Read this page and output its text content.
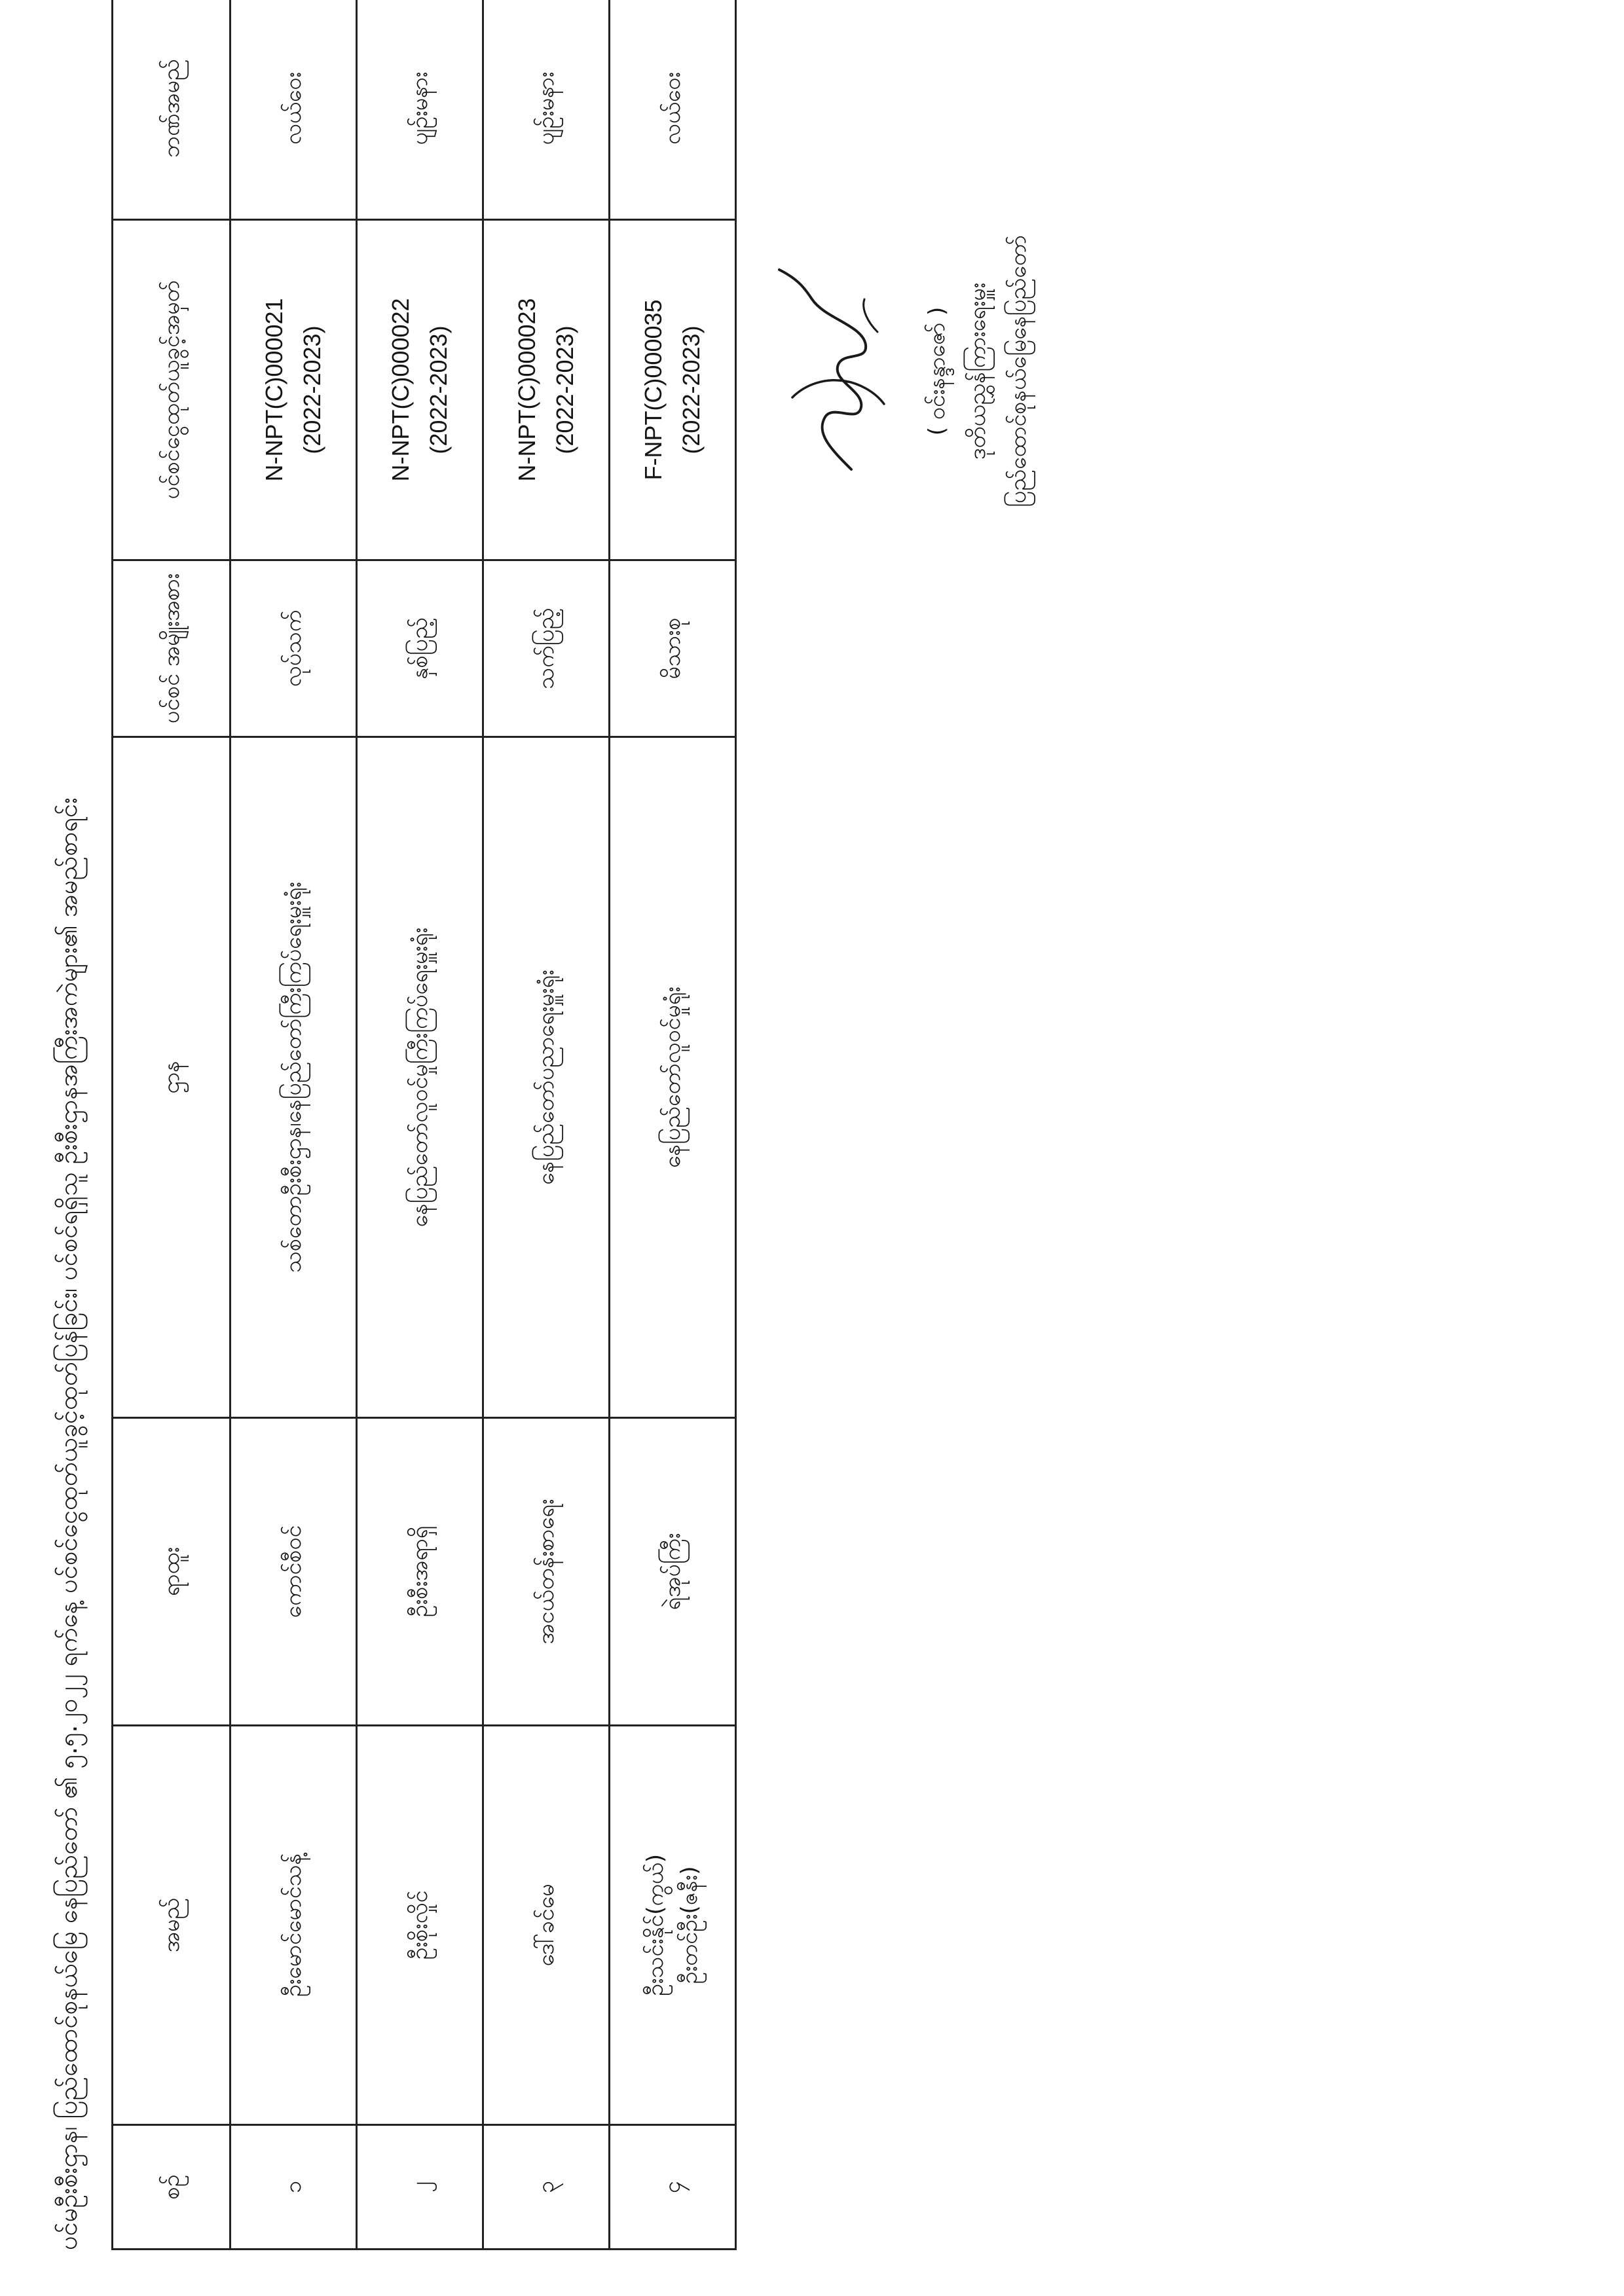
ပင်မဦးစီးဌာန၊ ပြည်ထောင်စုနယ်မြေ နေပြည်တော် ၏ ၅.၅.၂၀၂၂ ရက်နေ့ ပင်စင်ငွေထုတ်ယူခွင့်ထုတ်ပြန်ခြင်း၊ ပင်စင်ရရှိသူ ဦးစီးဌာနအကြီးအကဲများ၏ အမည်စာရင်း	စဉ်	အမည်	ရာထူး	ဌာန	ပင်စင် အမျိုးအစား	ပင်စင်ငွေထုတ်ယူခွင့်အမှတ်	ဘဏ်အမည်
၁	ဦးမောင်မောင်သန့်	ကောင်စီဝင်	သစ်တောဦးစီးဌာန၊နေပြည်တော်ကြီးကြပ်ရေးမှူးရုံး	လုပ်သက်	N-NPT(C)000021 (2022-2023)	လယ်ဝေး
၂	ဦးစိုးလှိုင်	ဦးစီးအရာရှိ	နေပြည်တော်လူဝင်မှုကြီးကြပ်ရေးမှူးရုံး	နှစ်ပြည့်	N-NPT(C)000022 (2022-2023)	ပျဉ်းမနား
၃	ဒေါ်ခင်မေ	အငယ်တန်းစာရေး	နေပြည်တော်ပညာရေးမှူးရုံး	သက်ပြည့်	N-NPT(C)000023 (2022-2023)	ပျဉ်းမနား
၄	ဦးသင်းနိုင်(ကွယ်) ဦးတင်ဦး(ဇနီး)	ရဲအုပ်ကြီး	နေပြည်တော်လူဝင်မှုရုံး	မိသားစု	F-NPT(C)000035 (2022-2023)	လယ်ဝေး
( ဝင်းနန္ဒာဇော် ) ဒုတိယညွှန်ကြားရေးမှူး ပြည်ထောင်စုနယ်မြေနေပြည်တော်
